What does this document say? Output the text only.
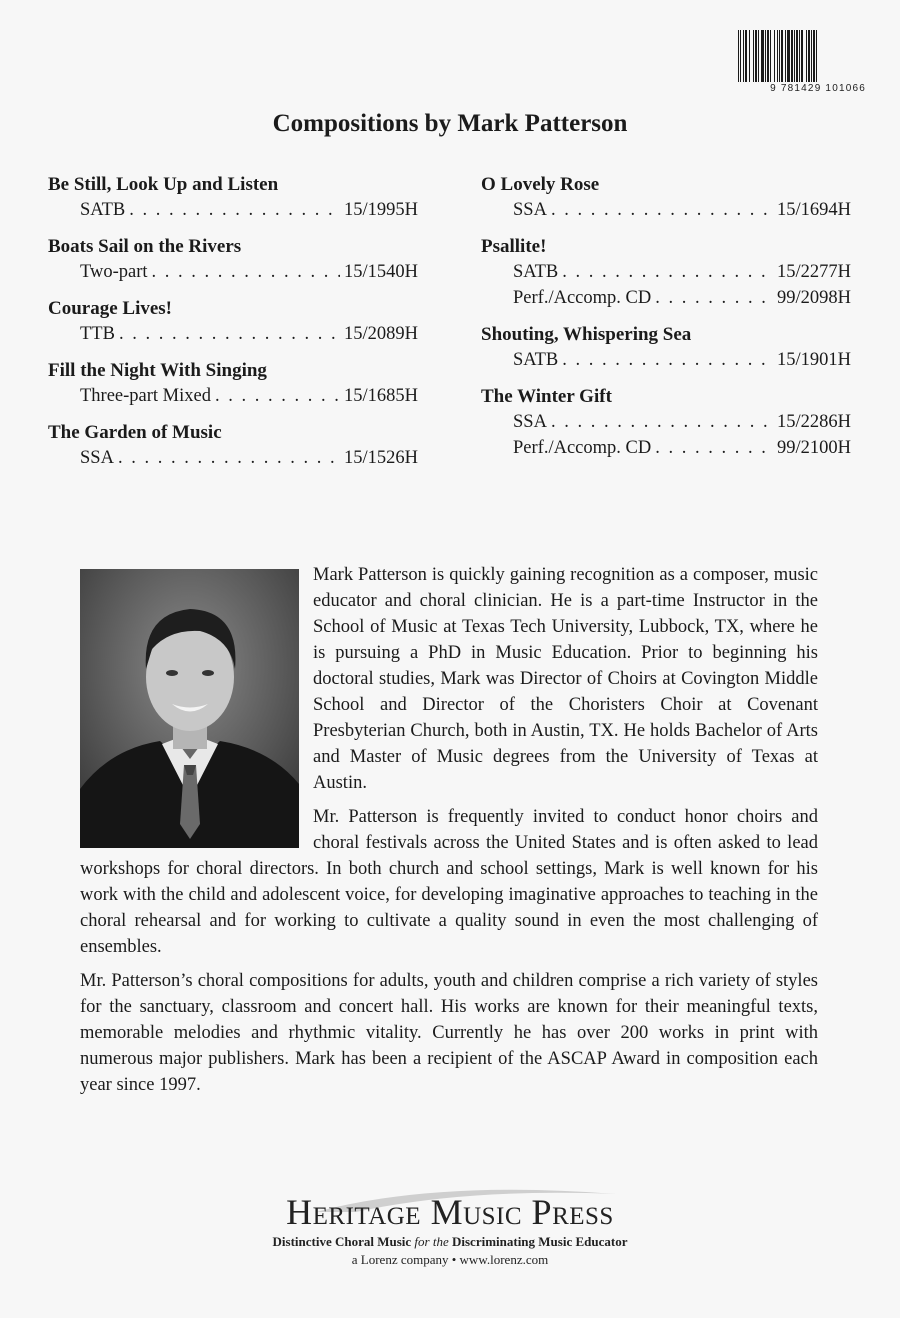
9 781429 101066
Compositions by Mark Patterson
Be Still, Look Up and Listen
SATB . . .	15/1995H
Boats Sail on the Rivers
Two-part . . .	15/1540H
Courage Lives!
TTB . . .	15/2089H
Fill the Night With Singing
Three-part Mixed . . .	15/1685H
The Garden of Music
SSA . . .	15/1526H
O Lovely Rose
SSA . . .	15/1694H
Psallite!
SATB . . .	15/2277H
Perf./Accomp. CD . . .	99/2098H
Shouting, Whispering Sea
SATB . . .	15/1901H
The Winter Gift
SSA . . .	15/2286H
Perf./Accomp. CD . . .	99/2100H

Mark Patterson is quickly gaining recognition as a composer, music educator and choral clinician. He is a part-time Instructor in the School of Music at Texas Tech University, Lubbock, TX, where he is pursuing a PhD in Music Education. Prior to beginning his doctoral studies, Mark was Director of Choirs at Covington Middle School and Director of the Choristers Choir at Covenant Presbyterian Church, both in Austin, TX. He holds Bachelor of Arts and Master of Music degrees from the University of Texas at Austin.

Mr. Patterson is frequently invited to conduct honor choirs and choral festivals across the United States and is often asked to lead workshops for choral directors. In both church and school settings, Mark is well known for his work with the child and adolescent voice, for developing imaginative approaches to teaching in the choral rehearsal and for working to cultivate a quality sound in even the most challenging of ensembles.

Mr. Patterson’s choral compositions for adults, youth and children comprise a rich variety of styles for the sanctuary, classroom and concert hall. His works are known for their meaningful texts, memorable melodies and rhythmic vitality. Currently he has over 200 works in print with numerous major publishers. Mark has been a recipient of the ASCAP Award in composition each year since 1997.

Heritage Music Press
Distinctive Choral Music for the Discriminating Music Educator
a Lorenz company • www.lorenz.com
